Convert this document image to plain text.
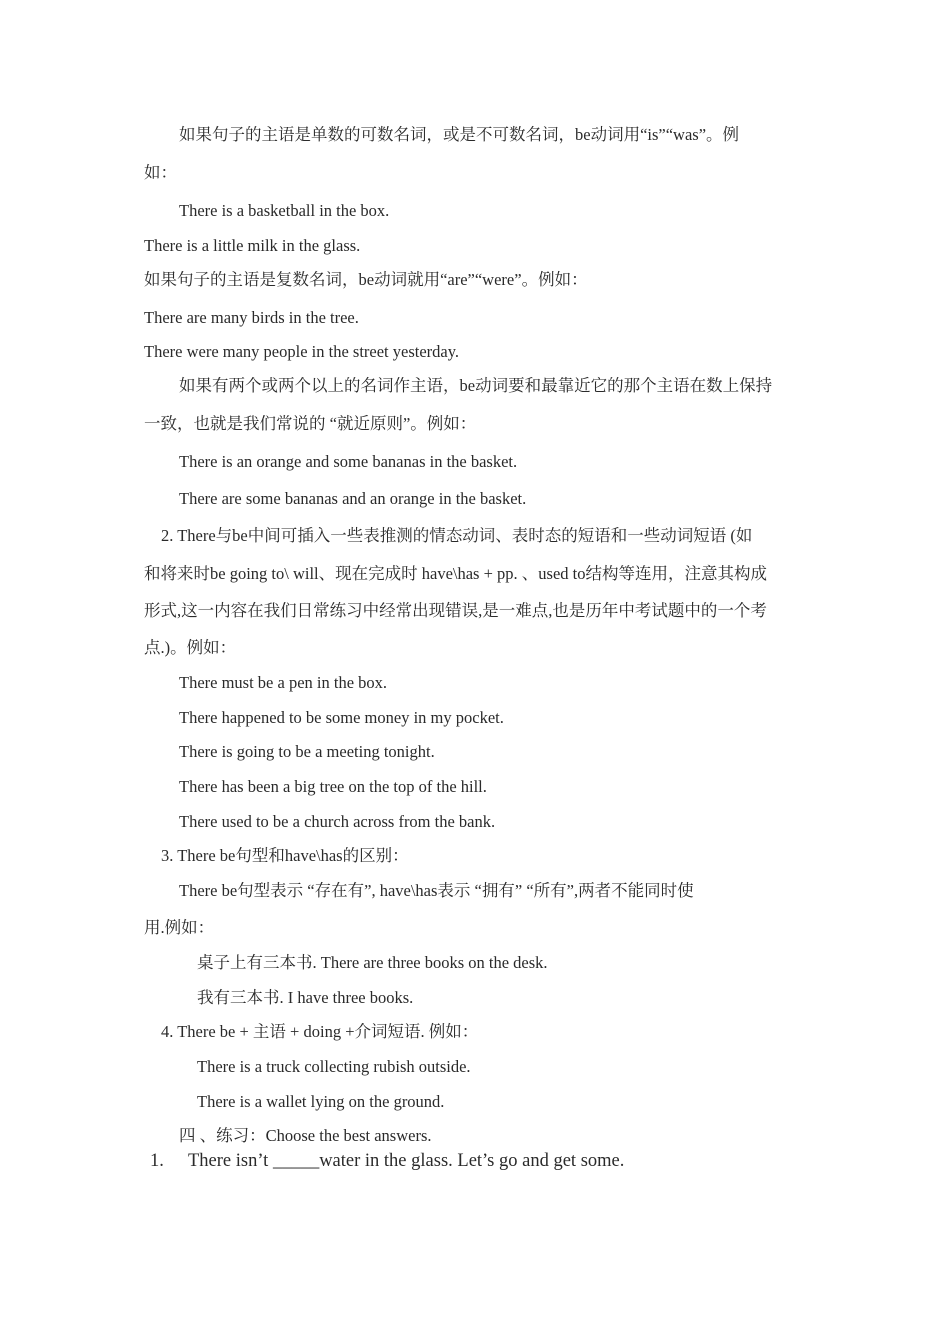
如果句子的主语是单数的可数名词，或是不可数名词，be动词用“is”“was”。例
如：
There is a basketball in the box.
There is a little milk in the glass.
如果句子的主语是复数名词，be动词就用“are”“were”。例如：
There are many birds in the tree.
There were many people in the street yesterday.
如果有两个或两个以上的名词作主语，be动词要和最靠近它的那个主语在数上保持
一致，也就是我们常说的 “就近原则”。例如：
There is an orange and some bananas in the basket.
There are some bananas and an orange in the basket.
2. There与be中间可插入一些表推测的情态动词、表时态的短语和一些动词短语 (如
和将来时be going to\ will、现在完成时 have\has + pp. 、used to结构等连用，注意其构成
形式,这一内容在我们日常练习中经常出现错误,是一难点,也是历年中考试题中的一个考
点.)。例如：
There must be a pen in the box.
There happened to be some money in my pocket.
There is going to be a meeting tonight.
There has been a big tree on the top of the hill.
There used to be a church across from the bank.
3. There be句型和have\has的区别：
There be句型表示 “存在有”, have\has表示 “拥有” “所有”,两者不能同时使
用.例如：
桌子上有三本书. There are three books on the desk.
我有三本书. I have three books.
4. There be + 主语 + doing +介词短语. 例如：
There is a truck collecting rubish outside.
There is a wallet lying on the ground.
四 、练习：Choose the best answers.
1. There isn’t _____water in the glass. Let’s go and get some.
